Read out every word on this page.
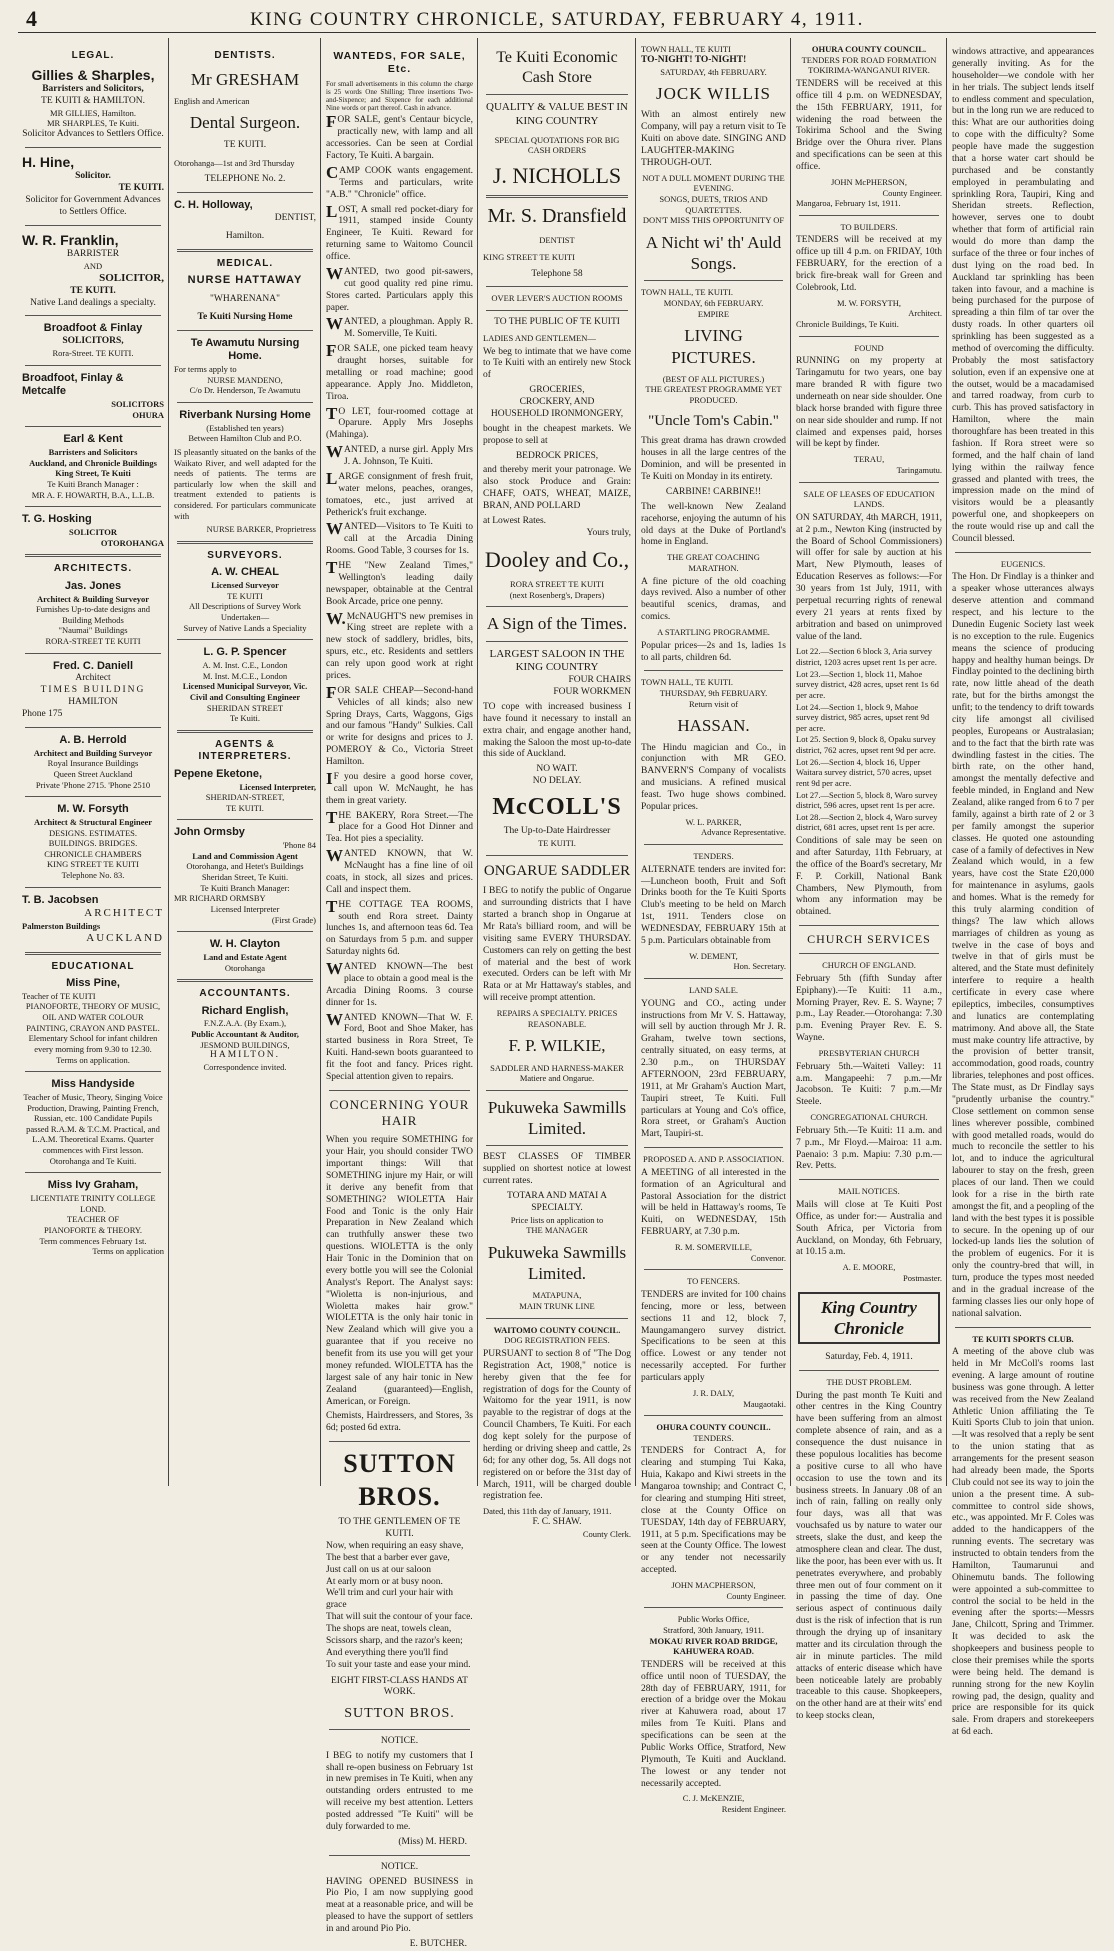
4	KING COUNTRY CHRONICLE, SATURDAY, FEBRUARY 4, 1911.
LEGAL.
Gillies & Sharples,
Barristers and Solicitors,
TE KUITI & HAMILTON.
MR GILLIES, Hamilton.
MR SHARPLES, Te Kuiti.
Solicitor Advances to Settlers Office.
H. Hine,
Solicitor.
TE KUITI.
Solicitor for Government Advances to Settlers Office.
W. R. Franklin,
BARRISTER
AND
SOLICITOR,
TE KUITI.
Native Land dealings a specialty.
Broadfoot & Finlay
SOLICITORS,
Rora-Street. TE KUITI.
Broadfoot, Finlay & Metcalfe
SOLICITORS
OHURA
Earl & Kent
Barristers and Solicitors
Auckland, and Chronicle Buildings King Street, Te Kuiti
Te Kuiti Branch Manager :
MR A. F. HOWARTH, B.A., L.L.B.
T. G. Hosking
SOLICITOR
OTOROHANGA
ARCHITECTS.
Jas. Jones
Architect & Building Surveyor
Furnishes Up-to-date designs and Building Methods
"Naumai" Buildings
RORA-STREET TE KUITI
Fred. C. Daniell
Architect
TIMES BUILDING
HAMILTON
Phone 175
A. B. Herrold
Architect and Building Surveyor
Royal Insurance Buildings
Queen Street Auckland
Private 'Phone 2715. 'Phone 2510
M. W. Forsyth
Architect & Structural Engineer
DESIGNS. ESTIMATES.
BUILDINGS. BRIDGES.
CHRONICLE CHAMBERS
KING STREET TE KUITI
Telephone No. 83.
T. B. Jacobsen
ARCHITECT
Palmerston Buildings
AUCKLAND
EDUCATIONAL
Miss Pine,
Teacher of TE KUITI
PIANOFORTE, THEORY OF MUSIC, OIL AND WATER COLOUR PAINTING, CRAYON AND PASTEL.
Elementary School for infant children every morning from 9.30 to 12.30.
Terms on application.
Miss Handyside
Teacher of Music, Theory, Singing Voice Production, Drawing, Painting French, Russian, etc. 100 Candidate Pupils passed R.A.M. & T.C.M. Practical, and L.A.M. Theoretical Exams. Quarter commences with First lesson. Otorohanga and Te Kuiti.
Miss Ivy Graham,
LICENTIATE TRINITY COLLEGE LOND.
TEACHER OF
PIANOFORTE & THEORY.
Term commences February 1st.
Terms on application
DENTISTS.
Mr GRESHAM
English and American
Dental Surgeon.
TE KUITI.
Otorohanga—1st and 3rd Thursday
TELEPHONE No. 2.
C. H. Holloway,
DENTIST,
Hamilton.
MEDICAL.
NURSE HATTAWAY
"WHARENANA"
Te Kuiti Nursing Home
Te Awamutu Nursing Home.
For terms apply to
NURSE MANDENO,
C/o Dr. Henderson, Te Awamutu
Riverbank Nursing Home
(Established ten years)
Between Hamilton Club and P.O.
IS pleasantly situated on the banks of the Waikato River, and well adapted for the needs of patients. The terms are particularly low when the skill and treatment extended to patients is considered. For particulars communicate with
NURSE BARKER, Proprietress
SURVEYORS.
A. W. CHEAL
Licensed Surveyor
TE KUITI
All Descriptions of Survey Work Undertaken—
Survey of Native Lands a Speciality
L. G. P. Spencer
A. M. Inst. C.E., London
M. Inst. M.C.E., London
Licensed Municipal Surveyor, Vic. Civil and Consulting Engineer
SHERIDAN STREET
Te Kuiti.
AGENTS & INTERPRETERS.
Pepene Eketone,
Licensed Interpreter,
SHERIDAN-STREET,
TE KUITI.
John Ormsby
'Phone 84
Land and Commission Agent
Otorohanga, and Hetet's Buildings Sheridan Street, Te Kuiti.
Te Kuiti Branch Manager:
MR RICHARD ORMSBY
Licensed Interpreter
(First Grade)
W. H. Clayton
Land and Estate Agent
Otorohanga
ACCOUNTANTS.
Richard English,
F.N.Z.A.A. (By Exam.),
Public Accountant & Auditor,
JESMOND BUILDINGS,
HAMILTON.
Correspondence invited.
WANTEDS, FOR SALE, Etc.
For small advertisements in this column the charge is 25 words One Shilling; Three insertions Two-and-Sixpence; and Sixpence for each additional Nine words or part thereof. Cash in advance.
FOR SALE, gent's Centaur bicycle, practically new, with lamp and all accessories. Can be seen at Cordial Factory, Te Kuiti. A bargain.
CAMP COOK wants engagement. Terms and particulars, write "A.B." "Chronicle" office.
LOST, A small red pocket-diary for 1911, stamped inside County Engineer, Te Kuiti. Reward for returning same to Waitomo Council office.
WANTED, two good pit-sawers, cut good quality red pine rimu. Stores carted. Particulars apply this paper.
WANTED, a ploughman. Apply R. M. Somerville, Te Kuiti.
FOR SALE, one picked team heavy draught horses, suitable for metalling or road machine; good appearance. Apply Jno. Middleton, Tiroa.
TO LET, four-roomed cottage at Oparure. Apply Mrs Josephs (Mahinga).
WANTED, a nurse girl. Apply Mrs J. A. Johnson, Te Kuiti.
LARGE consignment of fresh fruit, water melons, peaches, oranges, tomatoes, etc., just arrived at Petherick's fruit exchange.
WANTED—Visitors to Te Kuiti to call at the Arcadia Dining Rooms. Good Table, 3 courses for 1s.
THE "New Zealand Times," Wellington's leading daily newspaper, obtainable at the Central Book Arcade, price one penny.
W.McNAUGHT'S new premises in King street are replete with a new stock of saddlery, bridles, bits, spurs, etc., etc. Residents and settlers can rely upon good work at right prices.
FOR SALE CHEAP—Second-hand Vehicles of all kinds; also new Spring Drays, Carts, Waggons, Gigs and our famous "Handy" Sulkies. Call or write for designs and prices to J. POMEROY & Co., Victoria Street Hamilton.
IF you desire a good horse cover, call upon W. McNaught, he has them in great variety.
THE BAKERY, Rora Street.—The place for a Good Hot Dinner and Tea. Hot pies a speciality.
WANTED KNOWN, that W. McNaught has a fine line of oil coats, in stock, all sizes and prices. Call and inspect them.
THE COTTAGE TEA ROOMS, south end Rora street. Dainty lunches 1s, and afternoon teas 6d. Tea on Saturdays from 5 p.m. and supper Saturday nights 6d.
WANTED KNOWN—The best place to obtain a good meal is the Arcadia Dining Rooms. 3 course dinner for 1s.
WANTED KNOWN—That W. F. Ford, Boot and Shoe Maker, has started business in Rora Street, Te Kuiti. Hand-sewn boots guaranteed to fit the foot and fancy. Prices right. Special attention given to repairs.
CONCERNING YOUR HAIR
When you require SOMETHING for your Hair, you should consider TWO important things: Will that SOMETHING injure my Hair, or will it derive any benefit from that SOMETHING? WIOLETTA Hair Food and Tonic is the only Hair Preparation in New Zealand which can truthfully answer these two questions. WIOLETTA is the only Hair Tonic in the Dominion that on every bottle you will see the Colonial Analyst's Report. The Analyst says: "Wioletta is non-injurious, and Wioletta makes hair grow." WIOLETTA is the only hair tonic in New Zealand which will give you a guarantee that if you receive no benefit from its use you will get your money refunded. WIOLETTA has the largest sale of any hair tonic in New Zealand (guaranteed)—English, American, or Foreign.
Chemists, Hairdressers, and Stores, 3s 6d; posted 6d extra.
SUTTON BROS.
TO THE GENTLEMEN OF TE KUITI.
Now, when requiring an easy shave,
The best that a barber ever gave,
Just call on us at our saloon
At early morn or at busy noon.
We'll trim and curl your hair with grace
That will suit the contour of your face.
The shops are neat, towels clean,
Scissors sharp, and the razor's keen;
And everything there you'll find
To suit your taste and ease your mind.
EIGHT FIRST-CLASS HANDS AT WORK.
SUTTON BROS.
NOTICE.
I BEG to notify my customers that I shall re-open business on February 1st in new premises in Te Kuiti, when any outstanding orders entrusted to me will receive my best attention. Letters posted addressed "Te Kuiti" will be duly forwarded to me.
(Miss) M. HERD.
NOTICE.
HAVING OPENED BUSINESS in Pio Pio, I am now supplying good meat at a reasonable price, and will be pleased to have the support of settlers in and around Pio Pio.
E. BUTCHER.
Te Kuiti Economic Cash Store
QUALITY & VALUE BEST IN KING COUNTRY
SPECIAL QUOTATIONS FOR BIG CASH ORDERS
J. NICHOLLS
Mr. S. Dransfield
DENTIST
KING STREET TE KUITI
Telephone 58
OVER LEVER'S AUCTION ROOMS
TO THE PUBLIC OF TE KUITI
LADIES AND GENTLEMEN—
We beg to intimate that we have come to Te Kuiti with an entirely new Stock of
GROCERIES,
CROCKERY, AND
HOUSEHOLD IRONMONGERY,
bought in the cheapest markets. We propose to sell at
BEDROCK PRICES,
and thereby merit your patronage. We also stock Produce and Grain: CHAFF, OATS, WHEAT, MAIZE, BRAN, AND POLLARD
at Lowest Rates.
Yours truly,
Dooley and Co.,
RORA STREET TE KUITI
(next Rosenberg's, Drapers)
A Sign of the Times.
LARGEST SALOON IN THE KING COUNTRY
FOUR CHAIRS
FOUR WORKMEN
TO cope with increased business I have found it necessary to install an extra chair, and engage another hand, making the Saloon the most up-to-date this side of Auckland.
NO WAIT.
NO DELAY.
McCOLL'S
The Up-to-Date Hairdresser
TE KUITI.
ONGARUE SADDLER
I BEG to notify the public of Ongarue and surrounding districts that I have started a branch shop in Ongarue at Mr Rata's billiard room, and will be visiting same EVERY THURSDAY. Customers can rely on getting the best of material and the best of work executed. Orders can be left with Mr Rata or at Mr Hattaway's stables, and will receive prompt attention.
REPAIRS A SPECIALTY. PRICES REASONABLE.
F. P. WILKIE,
SADDLER AND HARNESS-MAKER
Matiere and Ongarue.
Pukuweka Sawmills Limited.
BEST CLASSES OF TIMBER supplied on shortest notice at lowest current rates.
TOTARA AND MATAI A SPECIALTY.
Price lists on application to
THE MANAGER
Pukuweka Sawmills Limited.
MATAPUNA,
MAIN TRUNK LINE
WAITOMO COUNTY COUNCIL.
DOG REGISTRATION FEES.
PURSUANT to section 8 of "The Dog Registration Act, 1908," notice is hereby given that the fee for registration of dogs for the County of Waitomo for the year 1911, is now payable to the registrar of dogs at the Council Chambers, Te Kuiti. For each dog kept solely for the purpose of herding or driving sheep and cattle, 2s 6d; for any other dog, 5s. All dogs not registered on or before the 31st day of March, 1911, will be charged double registration fee.
Dated, this 11th day of January, 1911.
F. C. SHAW.
County Clerk.
TOWN HALL, TE KUITI
TO-NIGHT! TO-NIGHT!
SATURDAY, 4th FEBRUARY.
JOCK WILLIS
With an almost entirely new Company, will pay a return visit to Te Kuiti on above date. SINGING AND LAUGHTER-MAKING THROUGH-OUT.
NOT A DULL MOMENT DURING THE EVENING.
SONGS, DUETS, TRIOS AND QUARTETTES.
DON'T MISS THIS OPPORTUNITY OF
A Nicht wi' th' Auld Songs.
TOWN HALL, TE KUITI.
MONDAY, 6th FEBRUARY.
EMPIRE
LIVING PICTURES.
(BEST OF ALL PICTURES.)
THE GREATEST PROGRAMME YET PRODUCED.
"Uncle Tom's Cabin."
This great drama has drawn crowded houses in all the large centres of the Dominion, and will be presented in Te Kuiti on Monday in its entirety.
CARBINE! CARBINE!!
The well-known New Zealand racehorse, enjoying the autumn of his old days at the Duke of Portland's home in England.
THE GREAT COACHING MARATHON.
A fine picture of the old coaching days revived. Also a number of other beautiful scenics, dramas, and comics.
A STARTLING PROGRAMME.
Popular prices—2s and 1s, ladies 1s to all parts, children 6d.
TOWN HALL, TE KUITI.
THURSDAY, 9th FEBRUARY.
Return visit of
HASSAN.
The Hindu magician and Co., in conjunction with MR GEO. BANVERN'S Company of vocalists and musicians. A refined musical feast. Two huge shows combined. Popular prices.
W. L. PARKER,
Advance Representative.
TENDERS.
ALTERNATE tenders are invited for:—Luncheon booth, Fruit and Soft Drinks booth for the Te Kuiti Sports Club's meeting to be held on March 1st, 1911. Tenders close on WEDNESDAY, FEBRUARY 15th at 5 p.m. Particulars obtainable from
W. DEMENT,
Hon. Secretary.
LAND SALE.
YOUNG and CO., acting under instructions from Mr V. S. Hattaway, will sell by auction through Mr J. R. Graham, twelve town sections, centrally situated, on easy terms, at 2.30 p.m., on THURSDAY AFTERNOON, 23rd FEBRUARY, 1911, at Mr Graham's Auction Mart, Taupiri street, Te Kuiti. Full particulars at Young and Co's office, Rora street, or Graham's Auction Mart, Taupiri-st.
PROPOSED A. AND P. ASSOCIATION.
A MEETING of all interested in the formation of an Agricultural and Pastoral Association for the district will be held in Hattaway's rooms, Te Kuiti, on WEDNESDAY, 15th FEBRUARY, at 7.30 p.m.
R. M. SOMERVILLE,
Convenor.
TO FENCERS.
TENDERS are invited for 100 chains fencing, more or less, between sections 11 and 12, block 7, Maungamangero survey district. Specifications to be seen at this office. Lowest or any tender not necessarily accepted. For further particulars apply
J. R. DALY,
Maugaotaki.
OHURA COUNTY COUNCIL.
TENDERS.
TENDERS for Contract A, for clearing and stumping Tui Kaka, Huia, Kakapo and Kiwi streets in the Mangaroa township; and Contract C, for clearing and stumping Hiti street, close at the County Office on TUESDAY, 14th day of FEBRUARY, 1911, at 5 p.m. Specifications may be seen at the County Office. The lowest or any tender not necessarily accepted.
JOHN MACPHERSON,
County Engineer.
Public Works Office,
Stratford, 30th January, 1911.
MOKAU RIVER ROAD BRIDGE, KAHUWERA ROAD.
TENDERS will be received at this office until noon of TUESDAY, the 28th day of FEBRUARY, 1911, for erection of a bridge over the Mokau river at Kahuwera road, about 17 miles from Te Kuiti. Plans and specifications can be seen at the Public Works Office, Stratford, New Plymouth, Te Kuiti and Auckland. The lowest or any tender not necessarily accepted.
C. J. McKENZIE,
Resident Engineer.
OHURA COUNTY COUNCIL.
TENDERS FOR ROAD FORMATION TOKIRIMA-WANGANUI RIVER.
TENDERS will be received at this office till 4 p.m. on WEDNESDAY, the 15th FEBRUARY, 1911, for widening the road between the Tokirima School and the Swing Bridge over the Ohura river. Plans and specifications can be seen at this office.
JOHN McPHERSON,
County Engineer.
Mangaroa, February 1st, 1911.
TO BUILDERS.
TENDERS will be received at my office up till 4 p.m. on FRIDAY, 10th FEBRUARY, for the erection of a brick fire-break wall for Green and Colebrook, Ltd.
M. W. FORSYTH,
Architect.
Chronicle Buildings, Te Kuiti.
FOUND
RUNNING on my property at Taringamutu for two years, one bay mare branded R with figure two underneath on near side shoulder. One black horse branded with figure three on near side shoulder and rump. If not claimed and expenses paid, horses will be kept by finder.
TERAU,
Taringamutu.
SALE OF LEASES OF EDUCATION LANDS.
ON SATURDAY, 4th MARCH, 1911, at 2 p.m., Newton King (instructed by the Board of School Commissioners) will offer for sale by auction at his Mart, New Plymouth, leases of Education Reserves as follows:—For 30 years from 1st July, 1911, with perpetual recurring rights of renewal every 21 years at rents fixed by arbitration and based on unimproved value of the land.
Lot 22.—Section 6 block 3, Aria survey district, 1203 acres upset rent 1s per acre.
Lot 23.—Section 1, block 11, Mahoe survey district, 428 acres, upset rent 1s 6d per acre.
Lot 24.—Section 1, block 9, Mahoe survey district, 985 acres, upset rent 9d per acre.
Lot 25. Section 9, block 8, Opaku survey district, 762 acres, upset rent 9d per acre.
Lot 26.—Section 4, block 16, Upper Waitara survey district, 570 acres, upset rent 9d per acre.
Lot 27.—Section 5, block 8, Waro survey district, 596 acres, upset rent 1s per acre.
Lot 28.—Section 2, block 4, Waro survey district, 681 acres, upset rent 1s per acre.
Conditions of sale may be seen on and after Saturday, 11th February, at the office of the Board's secretary, Mr F. P. Corkill, National Bank Chambers, New Plymouth, from whom any information may be obtained.
CHURCH SERVICES
CHURCH OF ENGLAND.
February 5th (fifth Sunday after Epiphany).—Te Kuiti: 11 a.m., Morning Prayer, Rev. E. S. Wayne; 7 p.m., Lay Reader.—Otorohanga: 7.30 p.m. Evening Prayer Rev. E. S. Wayne.
PRESBYTERIAN CHURCH
February 5th.—Waiteti Valley: 11 a.m. Mangapeehi: 7 p.m.—Mr Jacobson. Te Kuiti: 7 p.m.—Mr Steele.
CONGREGATIONAL CHURCH.
February 5th.—Te Kuiti: 11 a.m. and 7 p.m., Mr Floyd.—Mairoa: 11 a.m. Paenaio: 3 p.m. Mapiu: 7.30 p.m.—Rev. Petts.
MAIL NOTICES.
Mails will close at Te Kuiti Post Office, as under for:— Australia and South Africa, per Victoria from Auckland, on Monday, 6th February, at 10.15 a.m.
A. E. MOORE,
Postmaster.
King Country Chronicle
Saturday, Feb. 4, 1911.
THE DUST PROBLEM.
During the past month Te Kuiti and other centres in the King Country have been suffering from an almost complete absence of rain, and as a consequence the dust nuisance in these populous localities has become a positive curse to all who have occasion to use the town and its business streets. In January .08 of an inch of rain, falling on really only four days, was all that was vouchsafed us by nature to water our streets, slake the dust, and keep the atmosphere clean and clear. The dust, like the poor, has been ever with us. It penetrates everywhere, and probably three men out of four comment on it in passing the time of day. One serious aspect of continuous daily dust is the risk of infection that is run through the drying up of insanitary matter and its circulation through the air in minute particles. The mild attacks of enteric disease which have been noticeable lately are probably traceable to this cause. Shopkeepers, on the other hand are at their wits' end to keep stocks clean,
windows attractive, and appearances generally inviting. As for the householder—we condole with her in her trials. The subject lends itself to endless comment and speculation, but in the long run we are reduced to this: What are our authorities doing to cope with the difficulty? Some people have made the suggestion that a horse water cart should be purchased and be constantly employed in perambulating and sprinkling Rora, Taupiri, King and Sheridan streets. Reflection, however, serves one to doubt whether that form of artificial rain would do more than damp the surface of the three or four inches of dust lying on the road bed. In Auckland tar sprinkling has been taken into favour, and a machine is being purchased for the purpose of spreading a thin film of tar over the dusty roads. In other quarters oil sprinkling has been suggested as a method of overcoming the difficulty. Probably the most satisfactory solution, even if an expensive one at the outset, would be a macadamised and tarred roadway, from curb to curb. This has proved satisfactory in Hamilton, where the main thoroughfare has been treated in this fashion. If Rora street were so formed, and the half chain of land lying within the railway fence grassed and planted with trees, the impression made on the mind of visitors would be a pleasantly powerful one, and shopkeepers on the route would rise up and call the Council blessed.
EUGENICS.
The Hon. Dr Findlay is a thinker and a speaker whose utterances always deserve attention and command respect, and his lecture to the Dunedin Eugenic Society last week is no exception to the rule. Eugenics means the science of producing happy and healthy human beings. Dr Findlay pointed to the declining birth rate, now little ahead of the death rate, but for the births amongst the unfit; to the tendency to drift towards city life amongst all civilised peoples, Europeans or Australasian; and to the fact that the birth rate was dwindling fastest in the cities. The birth rate, on the other hand, amongst the mentally defective and feeble minded, in England and New Zealand, alike ranged from 6 to 7 per family, against a birth rate of 2 or 3 per family amongst the superior classes. He quoted one astounding case of a family of defectives in New Zealand which would, in a few years, have cost the State £20,000 for maintenance in asylums, gaols and homes. What is the remedy for this truly alarming condition of things? The law which allows marriages of children as young as twelve in the case of boys and twelve in that of girls must be altered, and the State must definitely interfere to require a health certificate in every case where epileptics, imbeciles, consumptives and lunatics are contemplating matrimony. And above all, the State must make country life attractive, by the provision of better transit, accommodation, good roads, country libraries, telephones and post offices. The State must, as Dr Findlay says "prudently urbanise the country." Close settlement on common sense lines wherever possible, combined with good metalled roads, would do much to reconcile the settler to his lot, and to induce the agricultural labourer to stay on the fresh, green places of our land. Then we could look for a rise in the birth rate amongst the fit, and a peopling of the land with the best types it is possible to secure. In the opening up of our locked-up lands lies the solution of the problem of eugenics. For it is only the country-bred that will, in turn, produce the types most needed and in the gradual increase of the farming classes lies our only hope of national salvation.
TE KUITI SPORTS CLUB.
A meeting of the above club was held in Mr McColl's rooms last evening. A large amount of routine business was gone through. A letter was received from the New Zealand Athletic Union affiliating the Te Kuiti Sports Club to join that union.—It was resolved that a reply be sent to the union stating that as arrangements for the present season had already been made, the Sports Club could not see its way to join the union a the present time. A sub-committee to control side shows, etc., was appointed. Mr F. Coles was added to the handicappers of the running events. The secretary was instructed to obtain tenders from the Hamilton, Taumarunui and Ohinemutu bands. The following were appointed a sub-committee to control the social to be held in the evening after the sports:—Messrs Jane, Chilcott, Spring and Trimmer. It was decided to ask the shopkeepers and business people to close their premises while the sports were being held. The demand is running strong for the new Koylin rowing pad, the design, quality and price are responsible for its quick sale. From drapers and storekeepers at 6d each.
